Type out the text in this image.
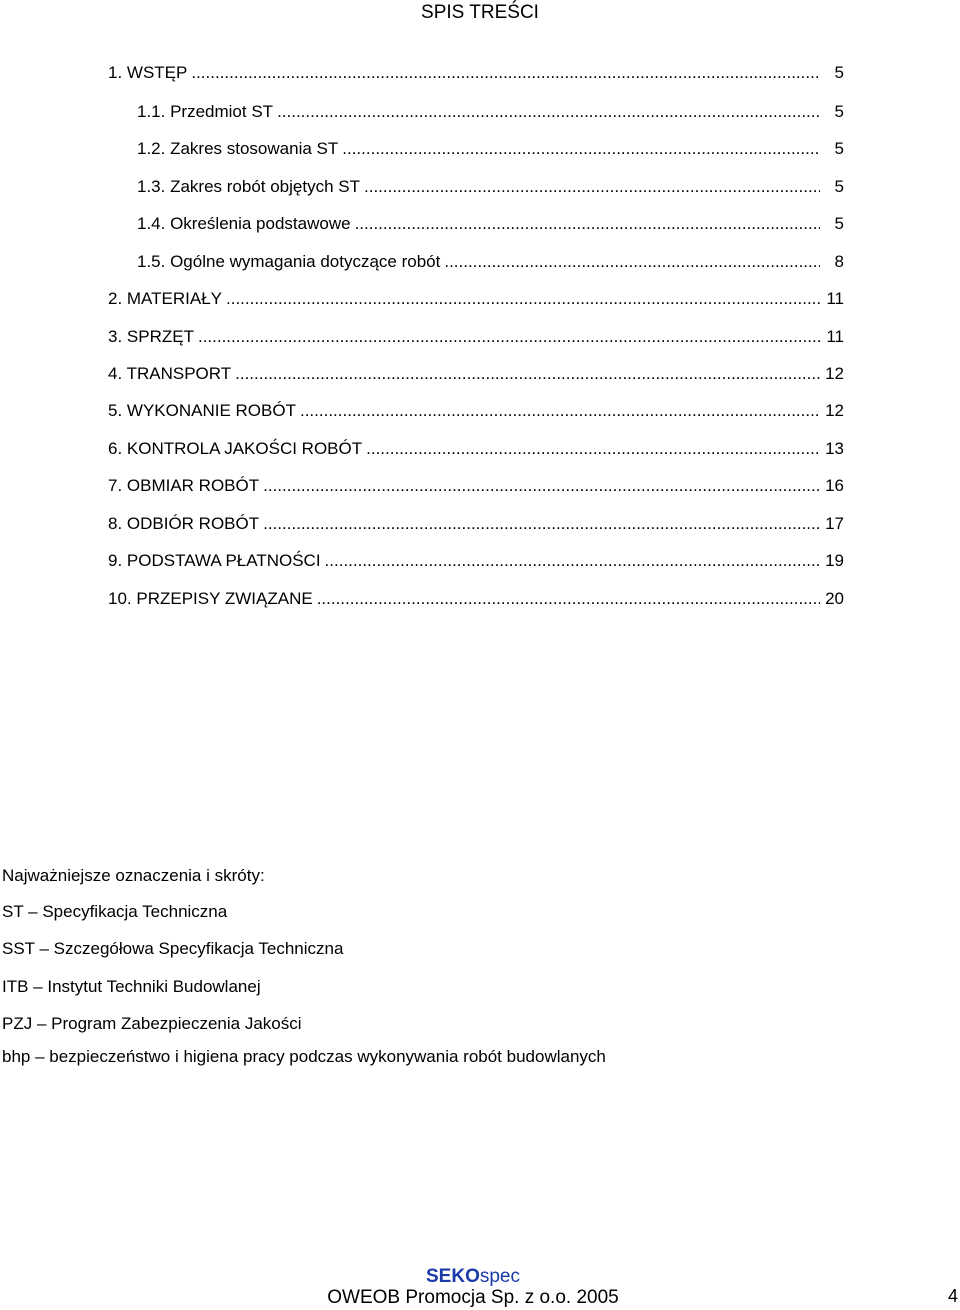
SPIS TREŚCI
1. WSTĘP .....	5
1.1. Przedmiot ST .....	5
1.2. Zakres stosowania ST .....	5
1.3. Zakres robót objętych ST .....	5
1.4. Określenia podstawowe .....	5
1.5. Ogólne wymagania dotyczące robót .....	8
2. MATERIAŁY .....	11
3. SPRZĘT .....	11
4. TRANSPORT .....	12
5. WYKONANIE ROBÓT .....	12
6. KONTROLA JAKOŚCI ROBÓT .....	13
7. OBMIAR ROBÓT .....	16
8. ODBIÓR ROBÓT .....	17
9. PODSTAWA PŁATNOŚCI .....	19
10. PRZEPISY ZWIĄZANE .....	20
Najważniejsze oznaczenia i skróty:
ST – Specyfikacja Techniczna
SST – Szczegółowa Specyfikacja Techniczna
ITB – Instytut Techniki Budowlanej
PZJ – Program Zabezpieczenia Jakości
bhp – bezpieczeństwo i higiena pracy podczas wykonywania robót budowlanych
SEKOspec
OWEOB Promocja Sp. z o.o. 2005	4
